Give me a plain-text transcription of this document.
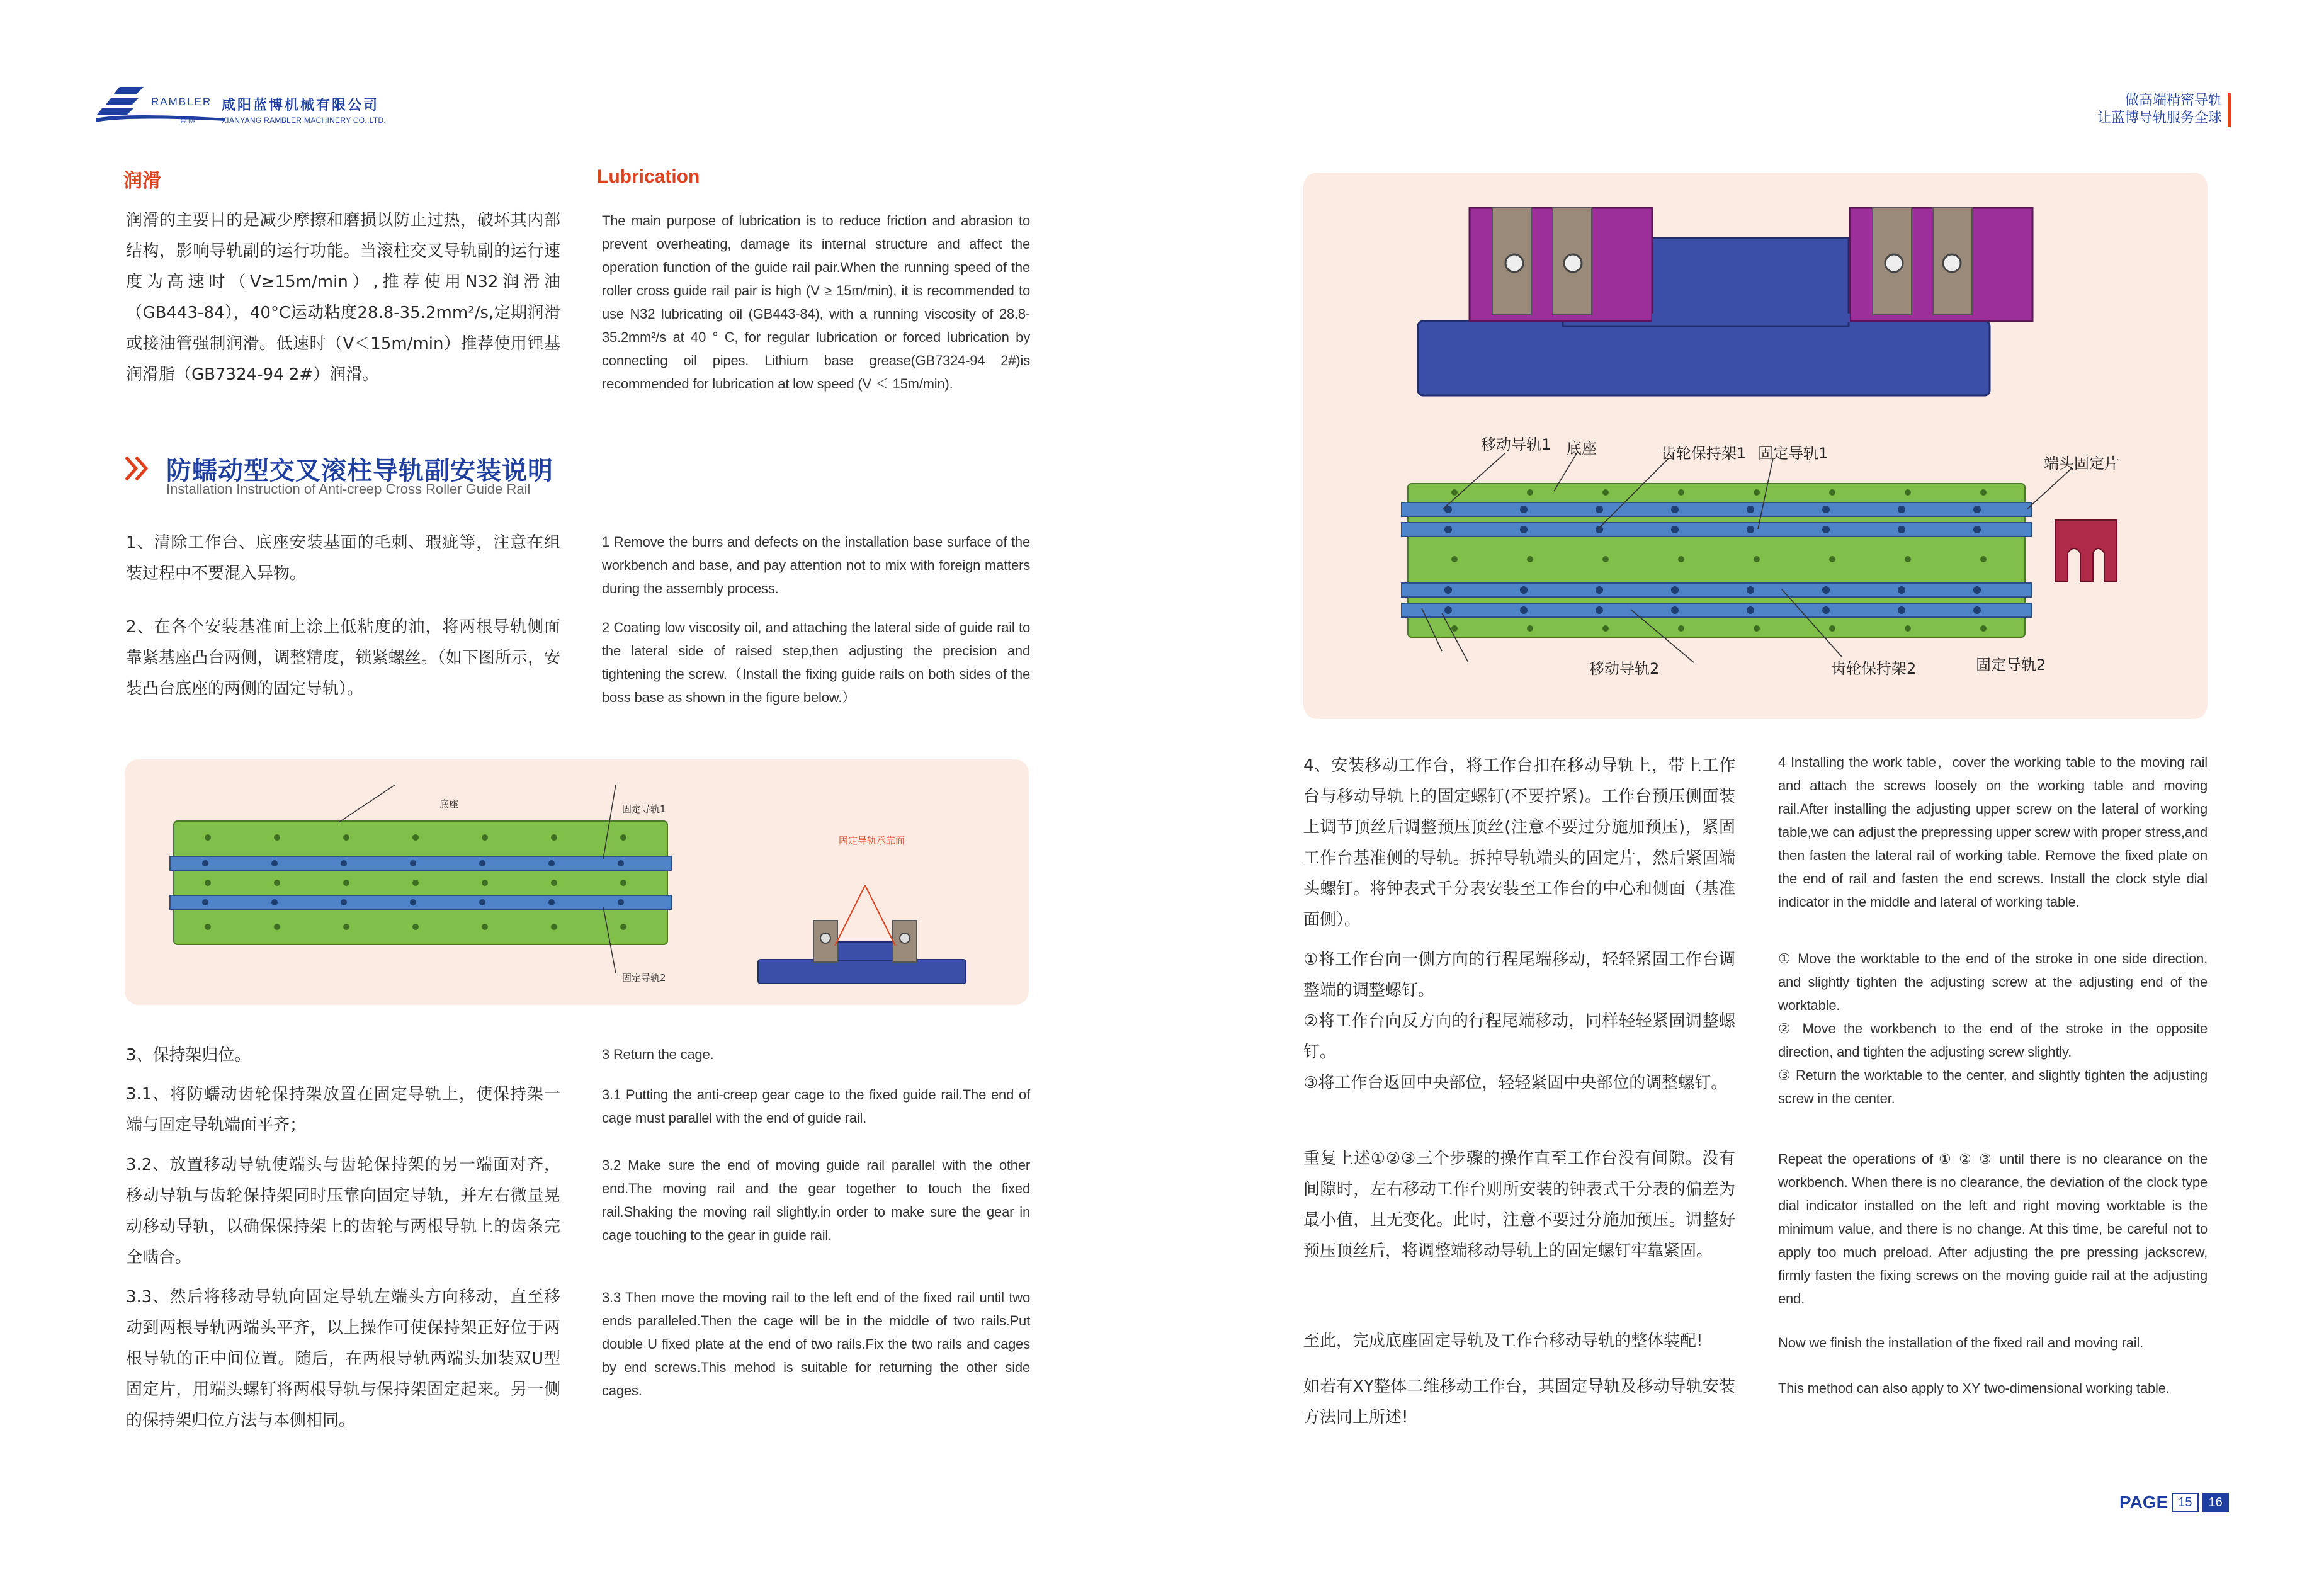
RAMBLER
蓝博
咸阳蓝博机械有限公司
XIANYANG RAMBLER MACHINERY CO.,LTD.
做高端精密导轨
让蓝博导轨服务全球
润滑	Lubrication
润滑的主要目的是减少摩擦和磨损以防止过热，破坏其内部结构，影响导轨副的运行功能。当滚柱交叉导轨副的运行速度为高速时（V≥15m/min）,推荐使用N32润滑油（GB443-84），40°C运动粘度28.8-35.2mm²/s,定期润滑或接油管强制润滑。低速时（V＜15m/min）推荐使用锂基润滑脂（GB7324-94 2#）润滑。
The main purpose of lubrication is to reduce friction and abrasion to prevent overheating, damage its internal structure and affect the operation function of the guide rail pair.When the running speed of the roller cross guide rail pair is high (V ≥ 15m/min), it is recommended to use N32 lubricating oil (GB443-84), with a running viscosity of 28.8-35.2mm²/s at 40 ° C, for regular lubrication or forced lubrication by connecting oil pipes. Lithium base grease(GB7324-94 2#)is recommended for lubrication at low speed (V ＜ 15m/min).
防蠕动型交叉滚柱导轨副安装说明
Installation Instruction of Anti-creep Cross Roller Guide Rail
1、清除工作台、底座安装基面的毛刺、瑕疵等，注意在组装过程中不要混入异物。
1 Remove the burrs and defects on the installation base surface of the workbench and base, and pay attention not to mix with foreign matters during the assembly process.
2、在各个安装基准面上涂上低粘度的油，将两根导轨侧面靠紧基座凸台两侧，调整精度，锁紧螺丝。（如下图所示，安装凸台底座的两侧的固定导轨）。
2 Coating low viscosity oil, and attaching the lateral side of guide rail to the lateral side of raised step,then adjusting the precision and tightening the screw.（Install the fixing guide rails on both sides of the boss base as shown in the figure below.）
底座	固定导轨1
固定导轨2
固定导轨承靠面
3、保持架归位。	3 Return the cage.
3.1、将防蠕动齿轮保持架放置在固定导轨上，使保持架一端与固定导轨端面平齐；
3.1 Putting the anti-creep gear cage to the fixed guide rail.The end of cage must parallel with the end of guide rail.
3.2、放置移动导轨使端头与齿轮保持架的另一端面对齐，移动导轨与齿轮保持架同时压靠向固定导轨，并左右微量晃动移动导轨，以确保保持架上的齿轮与两根导轨上的齿条完全啮合。
3.2 Make sure the end of moving guide rail parallel with the other end.The moving rail and the gear together to touch the fixed rail.Shaking the moving rail slightly,in order to make sure the gear in cage touching to the gear in guide rail.
3.3、然后将移动导轨向固定导轨左端头方向移动，直至移动到两根导轨两端头平齐，以上操作可使保持架正好位于两根导轨的正中间位置。随后，在两根导轨两端头加装双U型固定片，用端头螺钉将两根导轨与保持架固定起来。另一侧的保持架归位方法与本侧相同。
3.3 Then move the moving rail to the left end of the fixed rail until two ends paralleled.Then the cage will be in the middle of two rails.Put double U fixed plate at the end of two rails.Fix the two rails and cages by end screws.This mehod is suitable for returning the other side cages.
移动导轨1 底座	齿轮保持架1 固定导轨1
端头固定片
移动导轨2	齿轮保持架2	固定导轨2
4、安装移动工作台，将工作台扣在移动导轨上，带上工作台与移动导轨上的固定螺钉(不要拧紧)。工作台预压侧面装上调节顶丝后调整预压顶丝(注意不要过分施加预压)，紧固工作台基准侧的导轨。拆掉导轨端头的固定片，然后紧固端头螺钉。将钟表式千分表安装至工作台的中心和侧面（基准面侧）。
4 Installing the work table，cover the working table to the moving rail and attach the screws loosely on the working table and moving rail.After installing the adjusting upper screw on the lateral of working table,we can adjust the prepressing upper screw with proper stress,and then fasten the lateral rail of working table. Remove the fixed plate on the end of rail and fasten the end screws. Install the clock style dial indicator in the middle and lateral of working table.
①将工作台向一侧方向的行程尾端移动，轻轻紧固工作台调整端的调整螺钉。
②将工作台向反方向的行程尾端移动，同样轻轻紧固调整螺钉。
③将工作台返回中央部位，轻轻紧固中央部位的调整螺钉。
① Move the worktable to the end of the stroke in one side direction, and slightly tighten the adjusting screw at the adjusting end of the worktable.
② Move the workbench to the end of the stroke in the opposite direction, and tighten the adjusting screw slightly.
③ Return the worktable to the center, and slightly tighten the adjusting screw in the center.
重复上述①②③三个步骤的操作直至工作台没有间隙。没有间隙时，左右移动工作台则所安装的钟表式千分表的偏差为最小值，且无变化。此时，注意不要过分施加预压。调整好预压顶丝后，将调整端移动导轨上的固定螺钉牢靠紧固。
Repeat the operations of ① ② ③ until there is no clearance on the workbench. When there is no clearance, the deviation of the clock type dial indicator installed on the left and right moving worktable is the minimum value, and there is no change. At this time, be careful not to apply too much preload. After adjusting the pre pressing jackscrew, firmly fasten the fixing screws on the moving guide rail at the adjusting end.
至此，完成底座固定导轨及工作台移动导轨的整体装配!	Now we finish the installation of the fixed rail and moving rail.
如若有XY整体二维移动工作台，其固定导轨及移动导轨安装方法同上所述!
This method can also apply to XY two-dimensional working table.
PAGE 15	16
